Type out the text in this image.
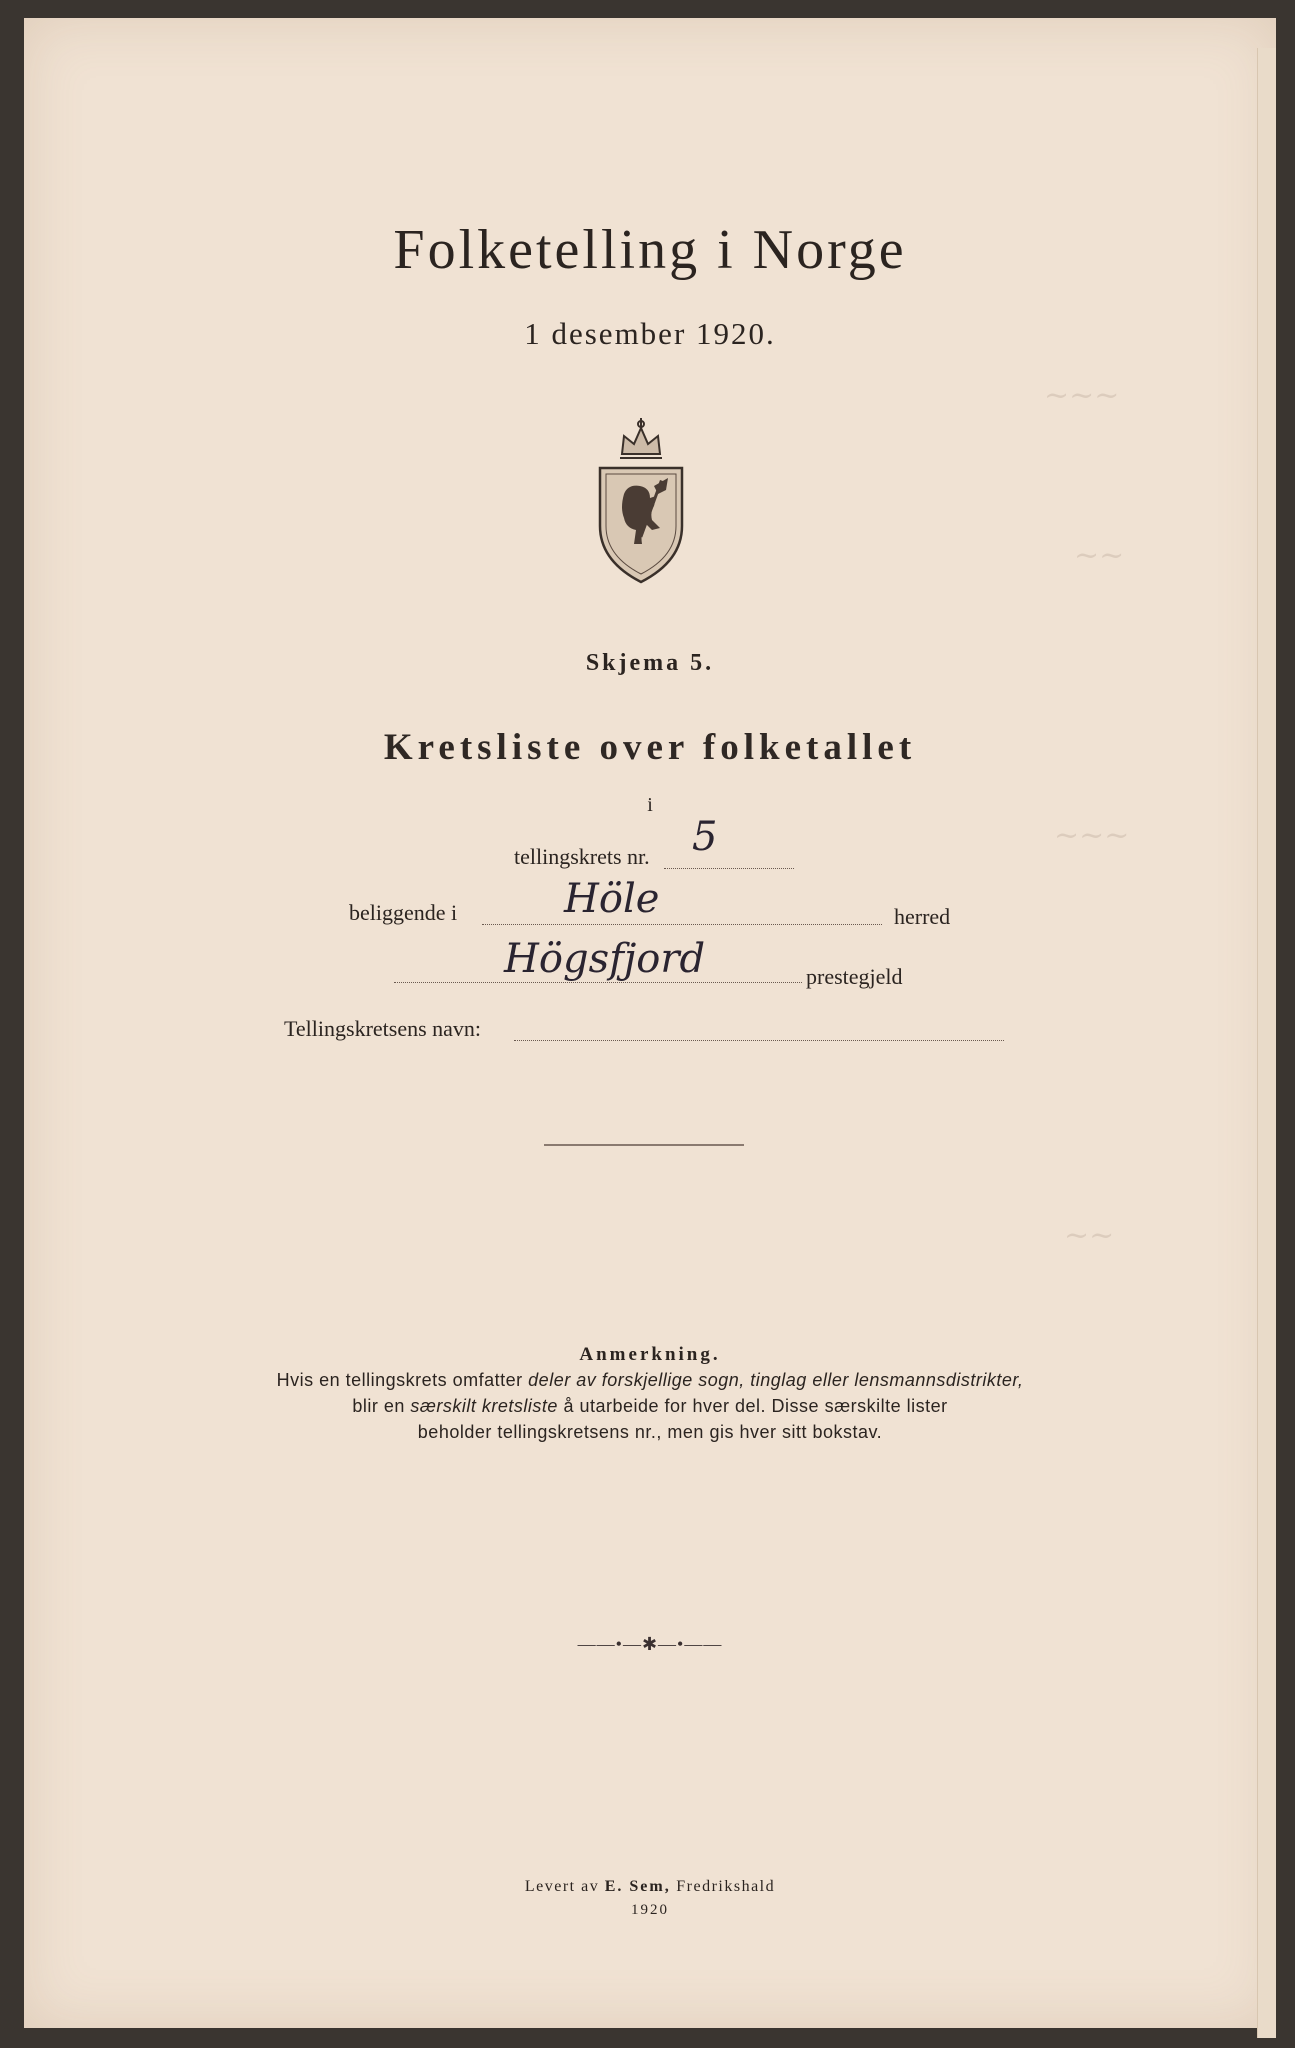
~~~
~~
~~~
~~
Folketelling i Norge
1 desember 1920.
Skjema 5.
Kretsliste over folketallet
i
tellingskrets nr. 5
beliggende i	Höle	herred
Högsfjord	prestegjeld
Tellingskretsens navn:
Anmerkning.
Hvis en tellingskrets omfatter deler av forskjellige sogn, tinglag eller lensmannsdistrikter,
blir en særskilt kretsliste å utarbeide for hver del. Disse særskilte lister
beholder tellingskretsens nr., men gis hver sitt bokstav.
——•—✱—•——
Levert av E. Sem, Fredrikshald
1920
